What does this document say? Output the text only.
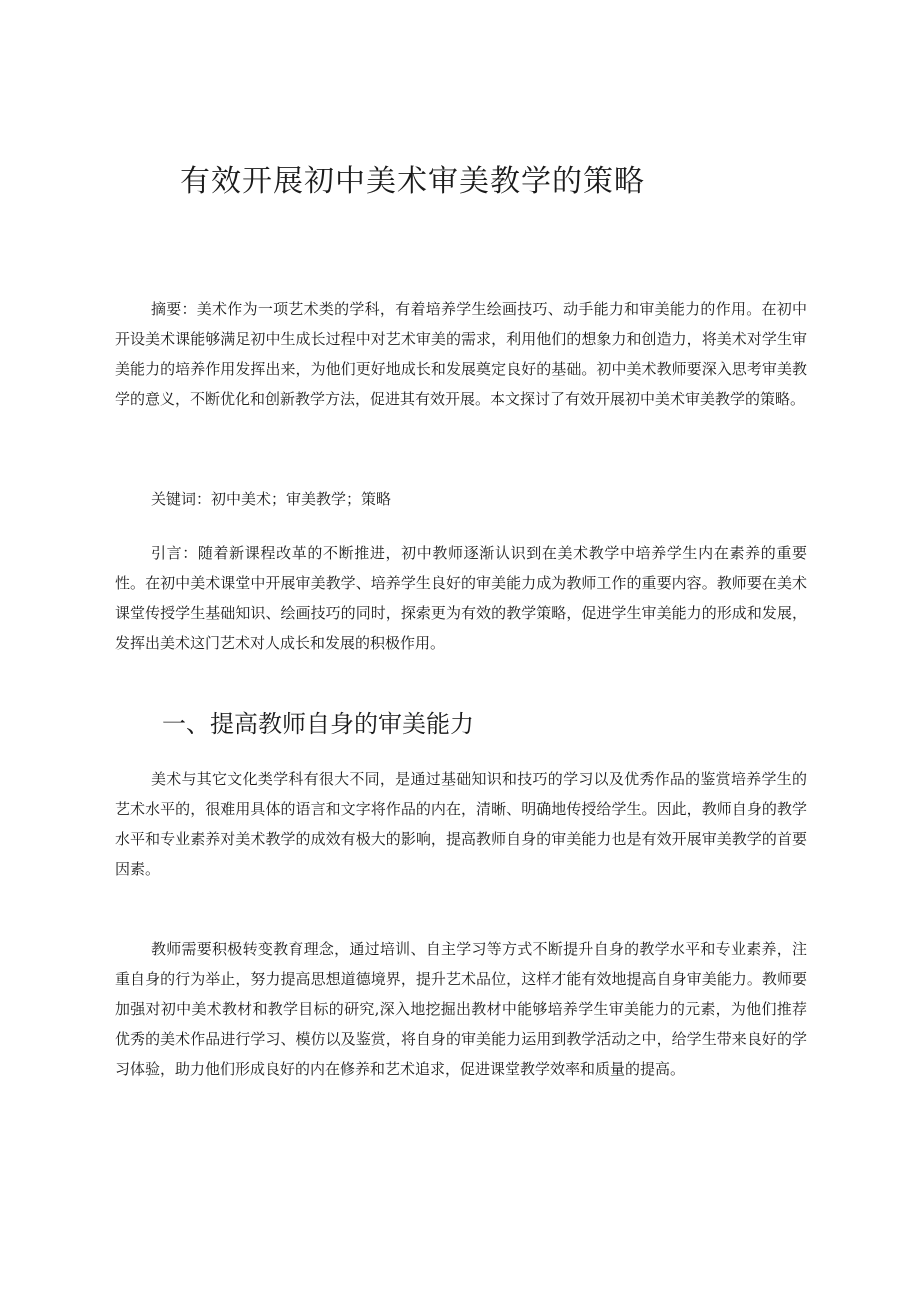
有效开展初中美术审美教学的策略

摘要：美术作为一项艺术类的学科，有着培养学生绘画技巧、动手能力和审美能力的作用。在初中开设美术课能够满足初中生成长过程中对艺术审美的需求，利用他们的想象力和创造力，将美术对学生审美能力的培养作用发挥出来，为他们更好地成长和发展奠定良好的基础。初中美术教师要深入思考审美教学的意义，不断优化和创新教学方法，促进其有效开展。本文探讨了有效开展初中美术审美教学的策略。

关键词：初中美术；审美教学；策略

引言：随着新课程改革的不断推进，初中教师逐渐认识到在美术教学中培养学生内在素养的重要性。在初中美术课堂中开展审美教学、培养学生良好的审美能力成为教师工作的重要内容。教师要在美术课堂传授学生基础知识、绘画技巧的同时，探索更为有效的教学策略，促进学生审美能力的形成和发展，发挥出美术这门艺术对人成长和发展的积极作用。

一、提高教师自身的审美能力

美术与其它文化类学科有很大不同，是通过基础知识和技巧的学习以及优秀作品的鉴赏培养学生的艺术水平的，很难用具体的语言和文字将作品的内在，清晰、明确地传授给学生。因此，教师自身的教学水平和专业素养对美术教学的成效有极大的影响，提高教师自身的审美能力也是有效开展审美教学的首要因素。

教师需要积极转变教育理念，通过培训、自主学习等方式不断提升自身的教学水平和专业素养，注重自身的行为举止，努力提高思想道德境界，提升艺术品位，这样才能有效地提高自身审美能力。教师要加强对初中美术教材和教学目标的研究,深入地挖掘出教材中能够培养学生审美能力的元素，为他们推荐优秀的美术作品进行学习、模仿以及鉴赏，将自身的审美能力运用到教学活动之中，给学生带来良好的学习体验，助力他们形成良好的内在修养和艺术追求，促进课堂教学效率和质量的提高。
